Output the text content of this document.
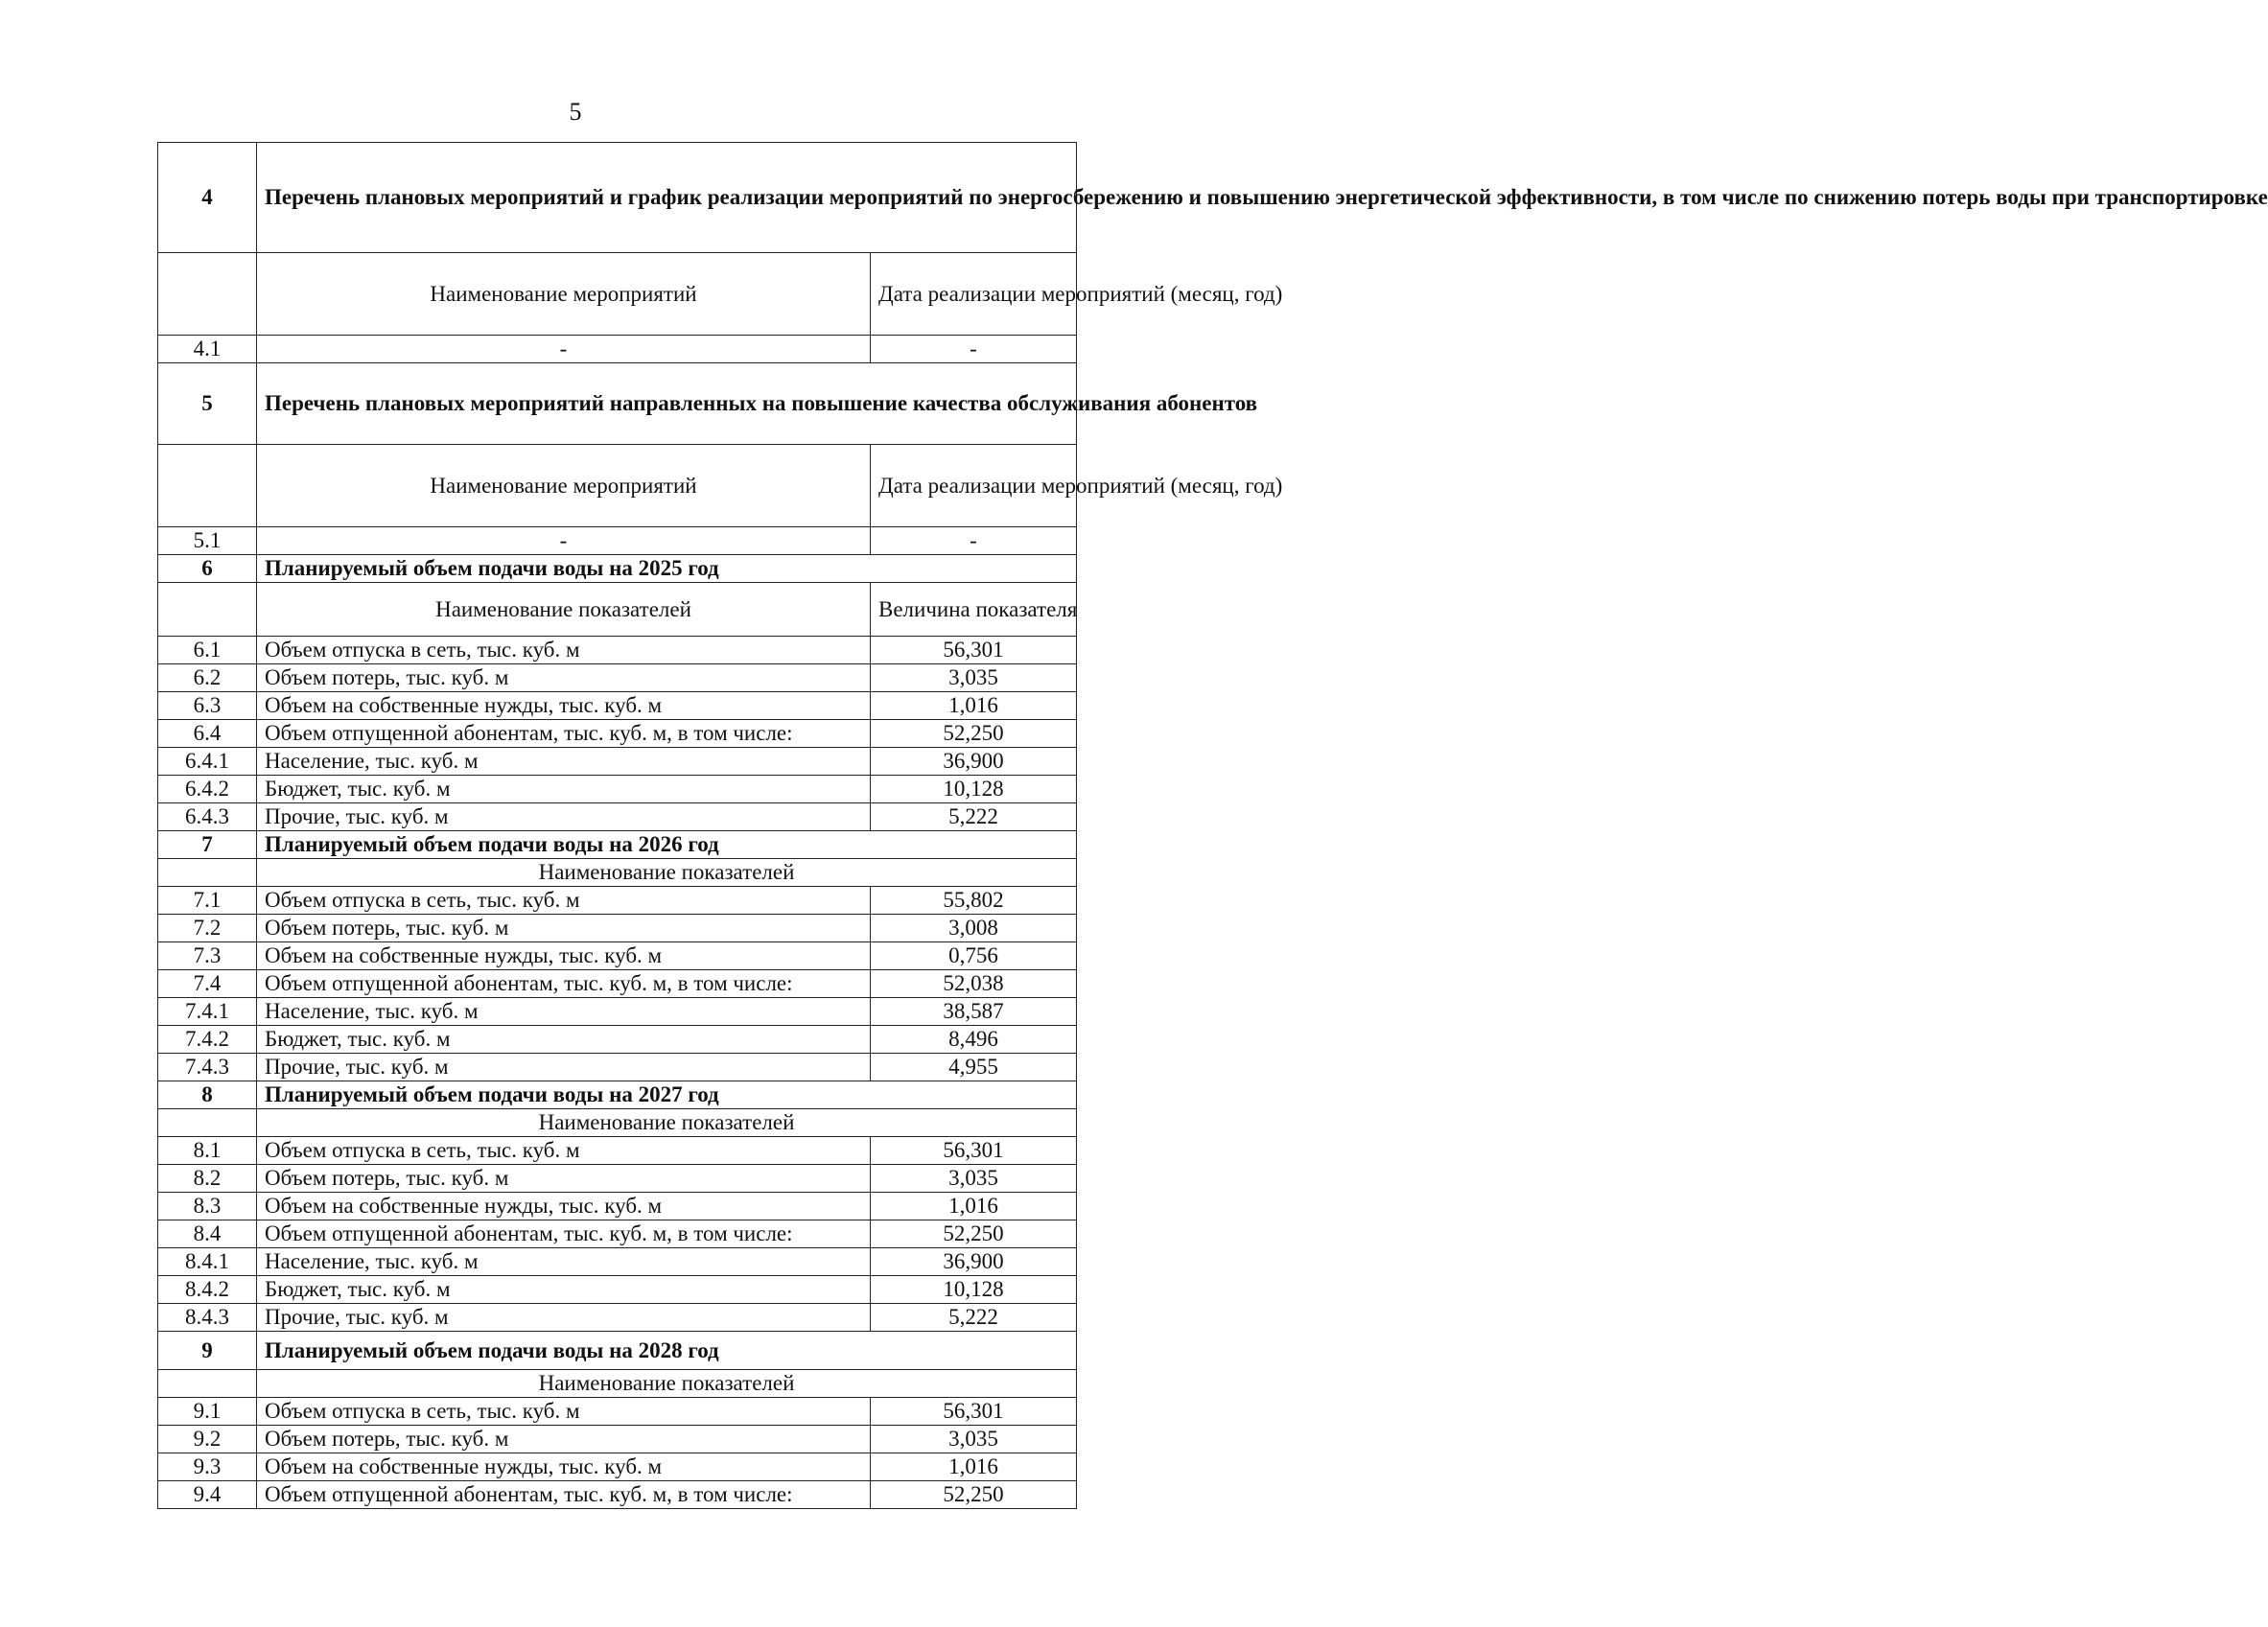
5
4	Перечень плановых мероприятий и график реализации мероприятий по энергосбережению и повышению энергетической эффективности, в том числе по снижению потерь воды при транспортировке	
	Наименование мероприятий	Дата реализации мероприятий (месяц, год)
4.1	-	-
5	Перечень плановых мероприятий направленных на повышение качества обслуживания абонентов	
	Наименование мероприятий	Дата реализации мероприятий (месяц, год)
5.1	-	-
6	Планируемый объем подачи воды на 2025 год	
	Наименование показателей	Величина показателя
6.1	Объем отпуска в сеть, тыс. куб. м	56,301
6.2	Объем потерь, тыс. куб. м	3,035
6.3	Объем на собственные нужды, тыс. куб. м	1,016
6.4	Объем отпущенной абонентам, тыс. куб. м, в том числе:	52,250
6.4.1	Население, тыс. куб. м	36,900
6.4.2	Бюджет, тыс. куб. м	10,128
6.4.3	Прочие, тыс. куб. м	5,222
7	Планируемый объем подачи воды на 2026 год	
	Наименование показателей	
7.1	Объем отпуска в сеть, тыс. куб. м	55,802
7.2	Объем потерь, тыс. куб. м	3,008
7.3	Объем на собственные нужды, тыс. куб. м	0,756
7.4	Объем отпущенной абонентам, тыс. куб. м, в том числе:	52,038
7.4.1	Население, тыс. куб. м	38,587
7.4.2	Бюджет, тыс. куб. м	8,496
7.4.3	Прочие, тыс. куб. м	4,955
8	Планируемый объем подачи воды на 2027 год	
	Наименование показателей	
8.1	Объем отпуска в сеть, тыс. куб. м	56,301
8.2	Объем потерь, тыс. куб. м	3,035
8.3	Объем на собственные нужды, тыс. куб. м	1,016
8.4	Объем отпущенной абонентам, тыс. куб. м, в том числе:	52,250
8.4.1	Население, тыс. куб. м	36,900
8.4.2	Бюджет, тыс. куб. м	10,128
8.4.3	Прочие, тыс. куб. м	5,222
9	Планируемый объем подачи воды на 2028 год	
	Наименование показателей	
9.1	Объем отпуска в сеть, тыс. куб. м	56,301
9.2	Объем потерь, тыс. куб. м	3,035
9.3	Объем на собственные нужды, тыс. куб. м	1,016
9.4	Объем отпущенной абонентам, тыс. куб. м, в том числе:	52,250
